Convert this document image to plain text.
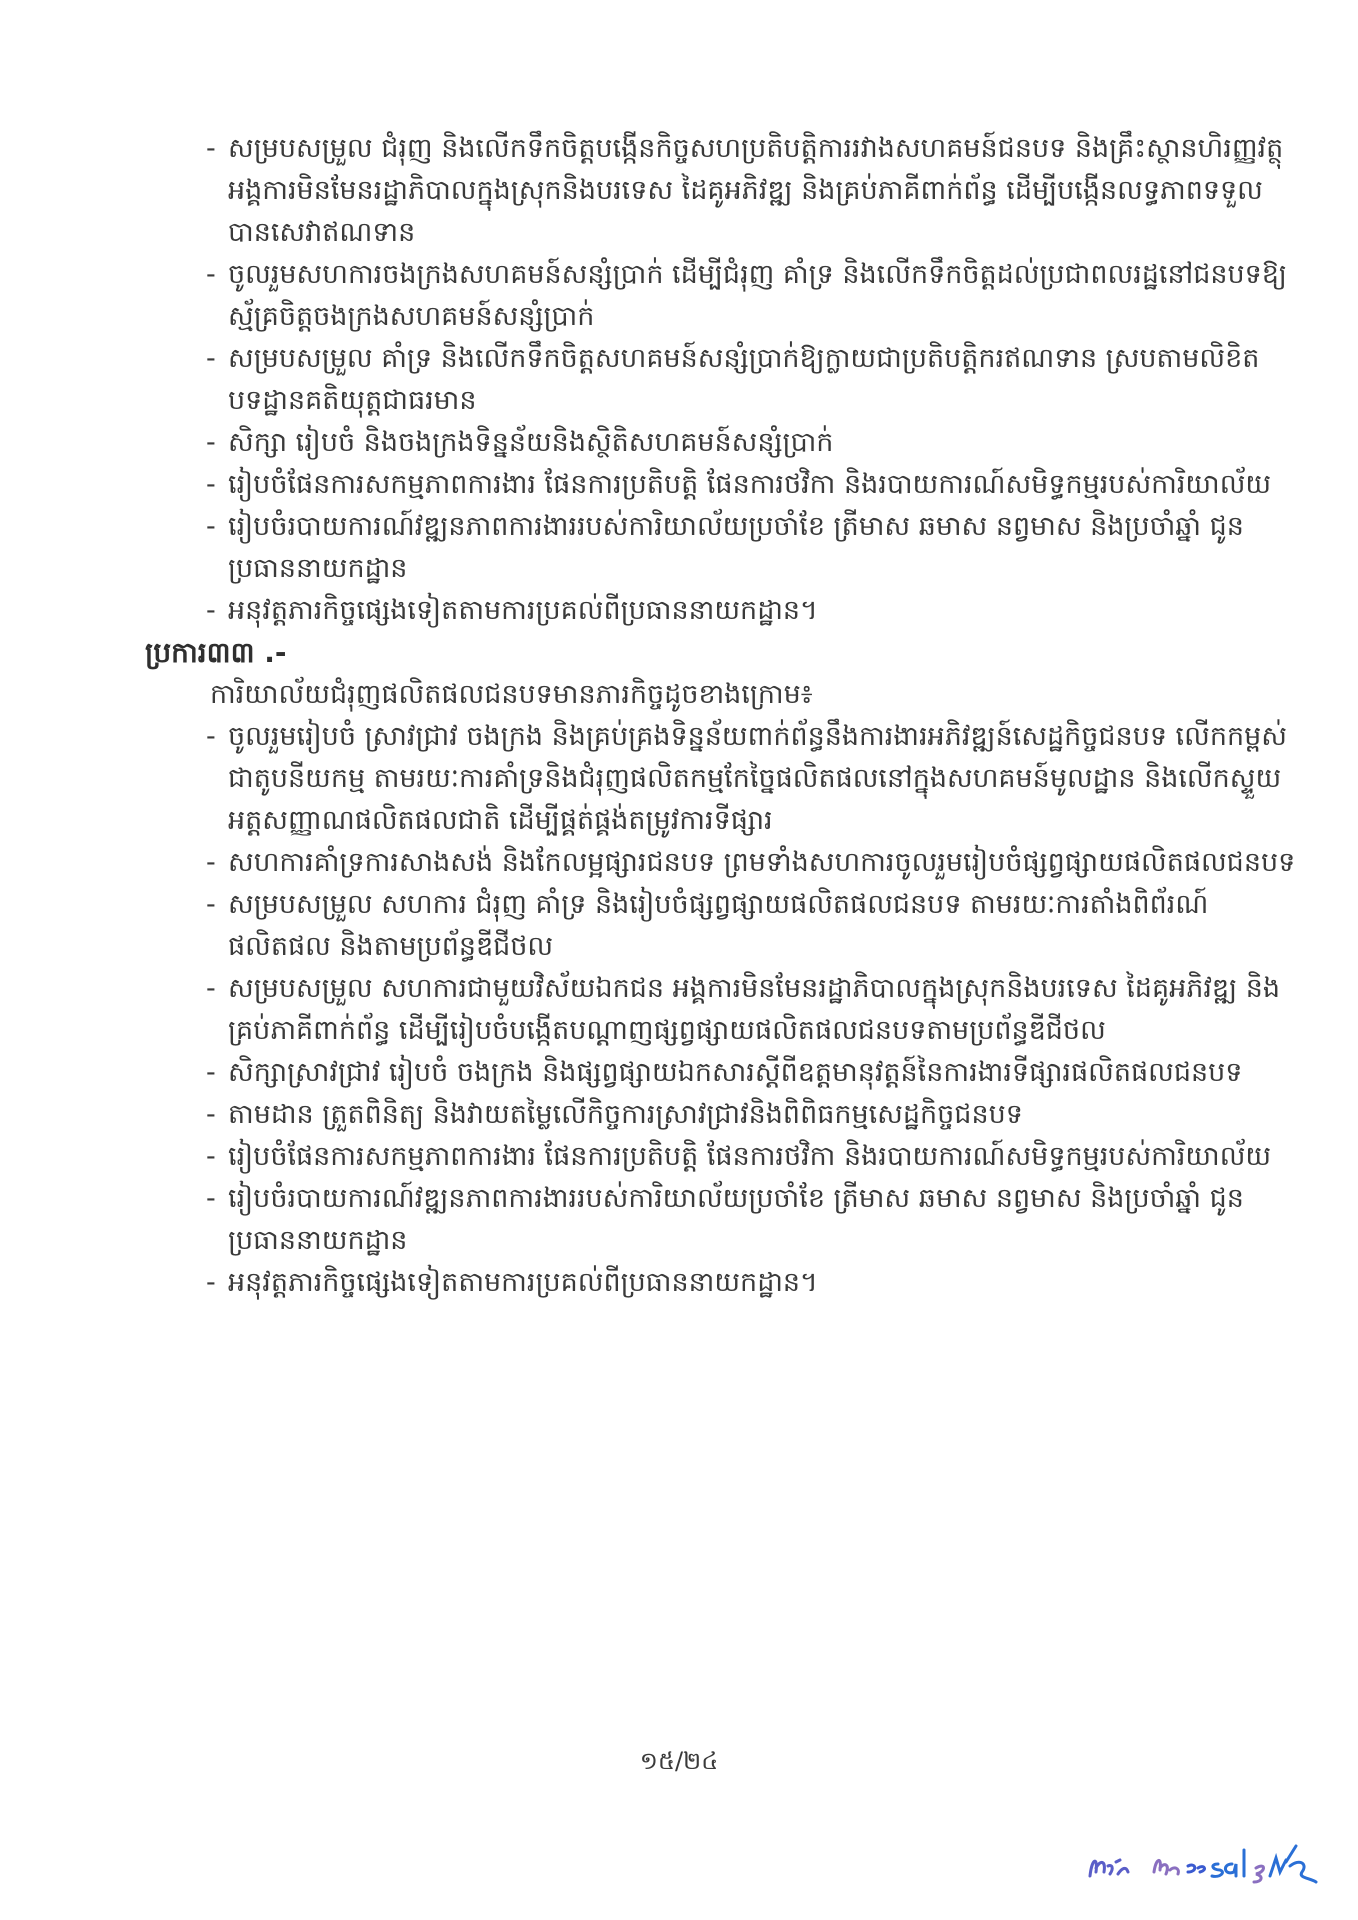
- សម្របសម្រួល ជំរុញ និងលើកទឹកចិត្តបង្កើនកិច្ចសហប្រតិបត្តិការរវាងសហគមន៍ជនបទ និងគ្រឹះស្ថានហិរញ្ញវត្ថុ អង្គការមិនមែនរដ្ឋាភិបាលក្នុងស្រុកនិងបរទេស ដៃគូអភិវឌ្ឍ និងគ្រប់ភាគីពាក់ព័ន្ធ ដើម្បីបង្កើនលទ្ធភាពទទួលបានសេវាឥណទាន

- ចូលរួមសហការចងក្រងសហគមន៍សន្សំប្រាក់ ដើម្បីជំរុញ គាំទ្រ និងលើកទឹកចិត្តដល់ប្រជាពលរដ្ឋនៅជនបទឱ្យស្ម័គ្រចិត្តចងក្រងសហគមន៍សន្សំប្រាក់

- សម្របសម្រួល គាំទ្រ និងលើកទឹកចិត្តសហគមន៍សន្សំប្រាក់ឱ្យក្លាយជាប្រតិបត្តិករឥណទាន ស្របតាមលិខិតបទដ្ឋានគតិយុត្តជាធរមាន

- សិក្សា រៀបចំ និងចងក្រងទិន្នន័យនិងស្ថិតិសហគមន៍សន្សំប្រាក់

- រៀបចំផែនការសកម្មភាពការងារ ផែនការប្រតិបត្តិ ផែនការថវិកា និងរបាយការណ៍សមិទ្ធកម្មរបស់ការិយាល័យ

- រៀបចំរបាយការណ៍វឌ្ឍនភាពការងាររបស់ការិយាល័យប្រចាំខែ ត្រីមាស ឆមាស នព្វមាស និងប្រចាំឆ្នាំ ជូនប្រធាននាយកដ្ឋាន

- អនុវត្តភារកិច្ចផ្សេងទៀតតាមការប្រគល់ពីប្រធាននាយកដ្ឋាន។

ប្រការ៣៣ .-

ការិយាល័យជំរុញផលិតផលជនបទមានភារកិច្ចដូចខាងក្រោម៖

- ចូលរួមរៀបចំ ស្រាវជ្រាវ ចងក្រង និងគ្រប់គ្រងទិន្នន័យពាក់ព័ន្ធនឹងការងារអភិវឌ្ឍន៍សេដ្ឋកិច្ចជនបទ លើកកម្ពស់ជាតូបនីយកម្ម តាមរយៈការគាំទ្រនិងជំរុញផលិតកម្មកែច្នៃផលិតផលនៅក្នុងសហគមន៍មូលដ្ឋាន និងលើកស្ទួយអត្តសញ្ញាណផលិតផលជាតិ ដើម្បីផ្គត់ផ្គង់តម្រូវការទីផ្សារ

- សហការគាំទ្រការសាងសង់ និងកែលម្អផ្សារជនបទ ព្រមទាំងសហការចូលរួមរៀបចំផ្សព្វផ្សាយផលិតផលជនបទ

- សម្របសម្រួល សហការ ជំរុញ គាំទ្រ និងរៀបចំផ្សព្វផ្សាយផលិតផលជនបទ តាមរយៈការតាំងពិព័រណ៍ផលិតផល និងតាមប្រព័ន្ធឌីជីថល

- សម្របសម្រួល សហការជាមួយវិស័យឯកជន អង្គការមិនមែនរដ្ឋាភិបាលក្នុងស្រុកនិងបរទេស ដៃគូអភិវឌ្ឍ និងគ្រប់ភាគីពាក់ព័ន្ធ ដើម្បីរៀបចំបង្កើតបណ្ដាញផ្សព្វផ្សាយផលិតផលជនបទតាមប្រព័ន្ធឌីជីថល

- សិក្សាស្រាវជ្រាវ រៀបចំ ចងក្រង និងផ្សព្វផ្សាយឯកសារស្ដីពីឧត្តមានុវត្តន៍នៃការងារទីផ្សារផលិតផលជនបទ

- តាមដាន ត្រួតពិនិត្យ និងវាយតម្លៃលើកិច្ចការស្រាវជ្រាវនិងពិពិធកម្មសេដ្ឋកិច្ចជនបទ

- រៀបចំផែនការសកម្មភាពការងារ ផែនការប្រតិបត្តិ ផែនការថវិកា និងរបាយការណ៍សមិទ្ធកម្មរបស់ការិយាល័យ

- រៀបចំរបាយការណ៍វឌ្ឍនភាពការងាររបស់ការិយាល័យប្រចាំខែ ត្រីមាស ឆមាស នព្វមាស និងប្រចាំឆ្នាំ ជូនប្រធាននាយកដ្ឋាន

- អនុវត្តភារកិច្ចផ្សេងទៀតតាមការប្រគល់ពីប្រធាននាយកដ្ឋាន។

១៥/២៤
